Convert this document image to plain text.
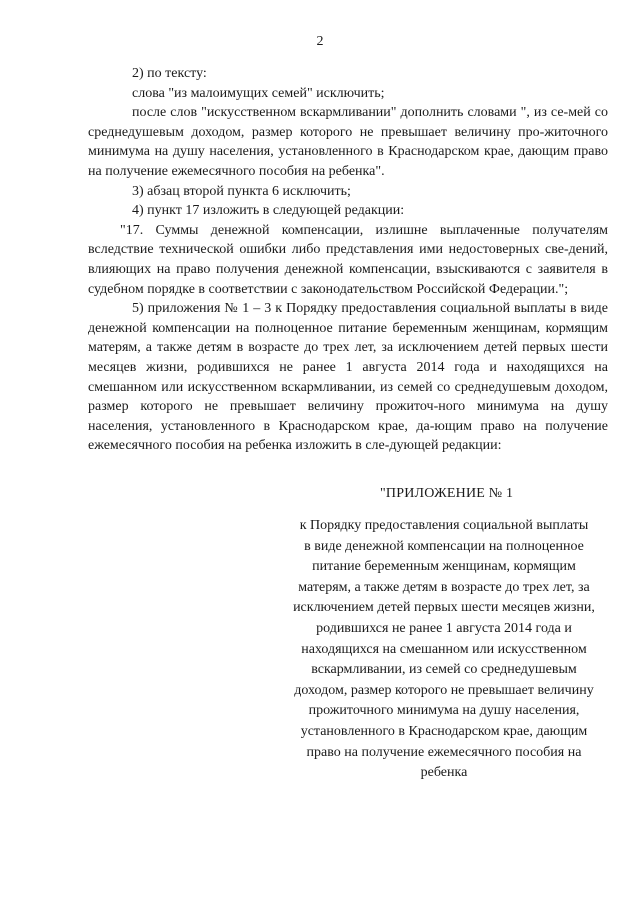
2

2) по тексту:

слова "из малоимущих семей" исключить;

после слов "искусственном вскармливании" дополнить словами ", из се-мей со среднедушевым доходом, размер которого не превышает величину про-житочного минимума на душу населения, установленного в Краснодарском крае, дающим право на получение ежемесячного пособия на ребенка".

3) абзац второй пункта 6 исключить;

4) пункт 17 изложить в следующей редакции:

"17. Суммы денежной компенсации, излишне выплаченные получателям вследствие технической ошибки либо представления ими недостоверных све-дений, влияющих на право получения денежной компенсации, взыскиваются с заявителя в судебном порядке в соответствии с законодательством Российской Федерации.";

5) приложения № 1 – 3 к Порядку предоставления социальной выплаты в виде денежной компенсации на полноценное питание беременным женщинам, кормящим матерям, а также детям в возрасте до трех лет, за исключением детей первых шести месяцев жизни, родившихся не ранее 1 августа 2014 года и находящихся на смешанном или искусственном вскармливании, из семей со среднедушевым доходом, размер которого не превышает величину прожиточ-ного минимума на душу населения, установленного в Краснодарском крае, да-ющим право на получение ежемесячного пособия на ребенка изложить в сле-дующей редакции:

"ПРИЛОЖЕНИЕ № 1
к Порядку предоставления социальной выплаты
в виде денежной компенсации на полноценное
питание беременным женщинам, кормящим
матерям, а также детям в возрасте до трех лет, за
исключением детей первых шести месяцев жизни,
родившихся не ранее 1 августа 2014 года и
находящихся на смешанном или искусственном
вскармливании, из семей со среднедушевым
доходом, размер которого не превышает величину
прожиточного минимума на душу населения,
установленного в Краснодарском крае, дающим
право на получение ежемесячного пособия на
ребенка
